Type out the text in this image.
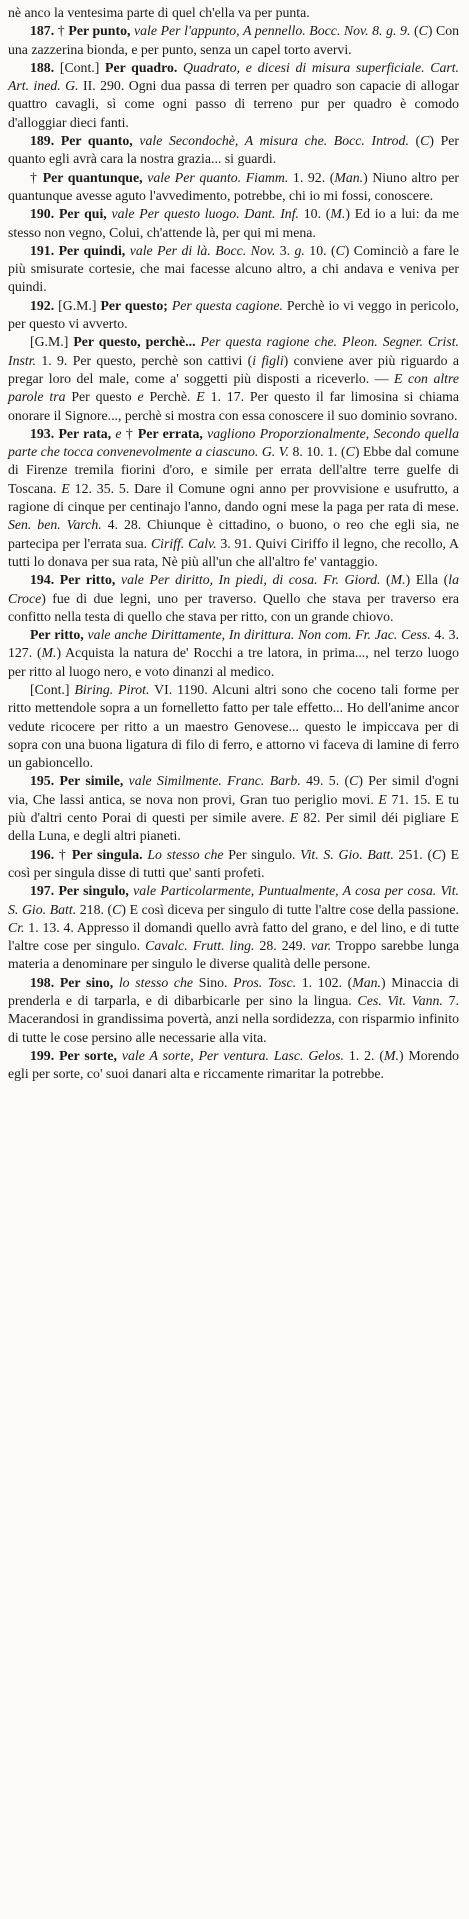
nè anco la ventesima parte di quel ch'ella va per punta.

187. † Per punto, vale Per l'appunto, A pennello. Bocc. Nov. 8. g. 9. (C) Con una zazzerina bionda, e per punto, senza un capel torto avervi.

188. [Cont.] Per quadro. Quadrato, e dicesi di misura superficiale. Cart. Art. ined. G. II. 290. Ogni dua passa di terren per quadro son capacie di allogar quattro cavagli, sì come ogni passo di terreno pur per quadro è comodo d'alloggiar dieci fanti.

189. Per quanto, vale Secondochè, A misura che. Bocc. Introd. (C) Per quanto egli avrà cara la nostra grazia... si guardi.

† Per quantunque, vale Per quanto. Fiamm. 1. 92. (Man.) Niuno altro per quantunque avesse aguto l'avvedimento, potrebbe, chi io mi fossi, conoscere.

190. Per qui, vale Per questo luogo. Dant. Inf. 10. (M.) Ed io a lui: da me stesso non vegno, Colui, ch'attende là, per qui mi mena.

191. Per quindi, vale Per di là. Bocc. Nov. 3. g. 10. (C) Cominciò a fare le più smisurate cortesie, che mai facesse alcuno altro, a chi andava e veniva per quindi.

192. [G.M.] Per questo; Per questa cagione. Perchè io vi veggo in pericolo, per questo vi avverto.

[G.M.] Per questo, perchè... Per questa ragione che. Pleon. Segner. Crist. Instr. 1. 9. Per questo, perchè son cattivi (i figli) conviene aver più riguardo a pregar loro del male, come a' soggetti più disposti a riceverlo. — E con altre parole tra Per questo e Perchè. E 1. 17. Per questo il far limosina si chiama onorare il Signore..., perchè si mostra con essa conoscere il suo dominio sovrano.

193. Per rata, e † Per errata, vagliono Proporzionalmente, Secondo quella parte che tocca convenevolmente a ciascuno. G. V. 8. 10. 1. (C) Ebbe dal comune di Firenze tremila fiorini d'oro, e simile per errata dell'altre terre guelfe di Toscana. E 12. 35. 5. Dare il Comune ogni anno per provvisione e usufrutto, a ragione di cinque per centinajo l'anno, dando ogni mese la paga per rata di mese. Sen. ben. Varch. 4. 28. Chiunque è cittadino, o buono, o reo che egli sia, ne partecipa per l'errata sua. Ciriff. Calv. 3. 91. Quivi Ciriffo il legno, che recollo, A tutti lo donava per sua rata, Nè più all'un che all'altro fe' vantaggio.

194. Per ritto, vale Per diritto, In piedi, di cosa. Fr. Giord. (M.) Ella (la Croce) fue di due legni, uno per traverso. Quello che stava per traverso era confitto nella testa di quello che stava per ritto, con un grande chiovo.

Per ritto, vale anche Dirittamente, In dirittura. Non com. Fr. Jac. Cess. 4. 3. 127. (M.) Acquista la natura de' Rocchi a tre latora, in prima..., nel terzo luogo per ritto al luogo nero, e voto dinanzi al medico.

[Cont.] Biring. Pirot. VI. 1190. Alcuni altri sono che coceno tali forme per ritto mettendole sopra a un fornelletto fatto per tale effetto... Ho dell'anime ancor vedute ricocere per ritto a un maestro Genovese... questo le impiccava per di sopra con una buona ligatura di filo di ferro, e attorno vi faceva di lamine di ferro un gabioncello.

195. Per simile, vale Similmente. Franc. Barb. 49. 5. (C) Per simil d'ogni via, Che lassi antica, se nova non provi, Gran tuo periglio movi. E 71. 15. E tu più d'altri cento Porai di questi per simile avere. E 82. Per simil déi pigliare E della Luna, e degli altri pianeti.

196. † Per singula. Lo stesso che Per singulo. Vit. S. Gio. Batt. 251. (C) E così per singula disse di tutti que' santi profeti.

197. Per singulo, vale Particolarmente, Puntualmente, A cosa per cosa. Vit. S. Gio. Batt. 218. (C) E così diceva per singulo di tutte l'altre cose della passione. Cr. 1. 13. 4. Appresso il domandi quello avrà fatto del grano, e del lino, e di tutte l'altre cose per singulo. Cavalc. Frutt. ling. 28. 249. var. Troppo sarebbe lunga materia a denominare per singulo le diverse qualità delle persone.

198. Per sino, lo stesso che Sino. Pros. Tosc. 1. 102. (Man.) Minaccia di prenderla e di tarparla, e di dibarbicarle per sino la lingua. Ces. Vit. Vann. 7. Macerandosi in grandissima povertà, anzi nella sordidezza, con risparmio infinito di tutte le cose persino alle necessarie alla vita.

199. Per sorte, vale A sorte, Per ventura. Lasc. Gelos. 1. 2. (M.) Morendo egli per sorte, co' suoi danari alta e riccamente rimaritar la potrebbe.
